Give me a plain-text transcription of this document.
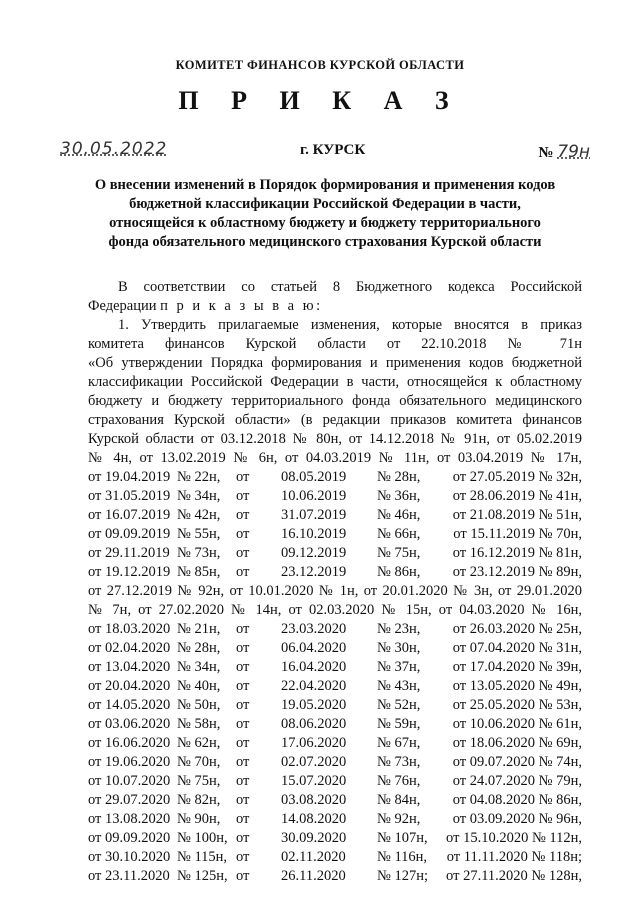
КОМИТЕТ ФИНАНСОВ КУРСКОЙ ОБЛАСТИ
П Р И К А З
30.05.2022	г. КУРСК	№ 79н
О внесении изменений в Порядок формирования и применения кодов
бюджетной классификации Российской Федерации в части,
относящейся к областному бюджету и бюджету территориального
фонда обязательного медицинского страхования Курской области
В соответствии со статьей 8 Бюджетного кодекса Российской
Федерации п р и к а з ы в а ю:
1. Утвердить прилагаемые изменения, которые вносятся в приказ
комитета финансов Курской области от 22.10.2018 № 71н
«Об утверждении Порядка формирования и применения кодов бюджетной
классификации Российской Федерации в части, относящейся к областному
бюджету и бюджету территориального фонда обязательного медицинского
страхования Курской области» (в редакции приказов комитета финансов
Курской области от 03.12.2018 № 80н, от 14.12.2018 № 91н, от 05.02.2019
№ 4н, от 13.02.2019 № 6н, от 04.03.2019 № 11н, от 03.04.2019 № 17н,
от 19.04.2019 № 22н,	от	08.05.2019	№ 28н,	от 27.05.2019 № 32н,
от 31.05.2019 № 34н,	от	10.06.2019	№ 36н,	от 28.06.2019 № 41н,
от 16.07.2019 № 42н,	от	31.07.2019	№ 46н,	от 21.08.2019 № 51н,
от 09.09.2019 № 55н,	от	16.10.2019	№ 66н,	от 15.11.2019 № 70н,
от 29.11.2019 № 73н,	от	09.12.2019	№ 75н,	от 16.12.2019 № 81н,
от 19.12.2019 № 85н,	от	23.12.2019	№ 86н,	от 23.12.2019 № 89н,
от 27.12.2019 № 92н, от 10.01.2020 № 1н, от 20.01.2020 № 3н, от 29.01.2020
№ 7н, от 27.02.2020 № 14н, от 02.03.2020 № 15н, от 04.03.2020 № 16н,
от 18.03.2020 № 21н,	от	23.03.2020	№ 23н,	от 26.03.2020 № 25н,
от 02.04.2020 № 28н,	от	06.04.2020	№ 30н,	от 07.04.2020 № 31н,
от 13.04.2020 № 34н,	от	16.04.2020	№ 37н,	от 17.04.2020 № 39н,
от 20.04.2020 № 40н,	от	22.04.2020	№ 43н,	от 13.05.2020 № 49н,
от 14.05.2020 № 50н,	от	19.05.2020	№ 52н,	от 25.05.2020 № 53н,
от 03.06.2020 № 58н,	от	08.06.2020	№ 59н,	от 10.06.2020 № 61н,
от 16.06.2020 № 62н,	от	17.06.2020	№ 67н,	от 18.06.2020 № 69н,
от 19.06.2020 № 70н,	от	02.07.2020	№ 73н,	от 09.07.2020 № 74н,
от 10.07.2020 № 75н,	от	15.07.2020	№ 76н,	от 24.07.2020 № 79н,
от 29.07.2020 № 82н,	от	03.08.2020	№ 84н,	от 04.08.2020 № 86н,
от 13.08.2020 № 90н,	от	14.08.2020	№ 92н,	от 03.09.2020 № 96н,
от 09.09.2020 № 100н, от	30.09.2020	№ 107н,	от 15.10.2020 № 112н,
от 30.10.2020 № 115н, от	02.11.2020	№ 116н,	от 11.11.2020 № 118н;
от 23.11.2020 № 125н, от	26.11.2020	№ 127н;	от 27.11.2020 № 128н,
